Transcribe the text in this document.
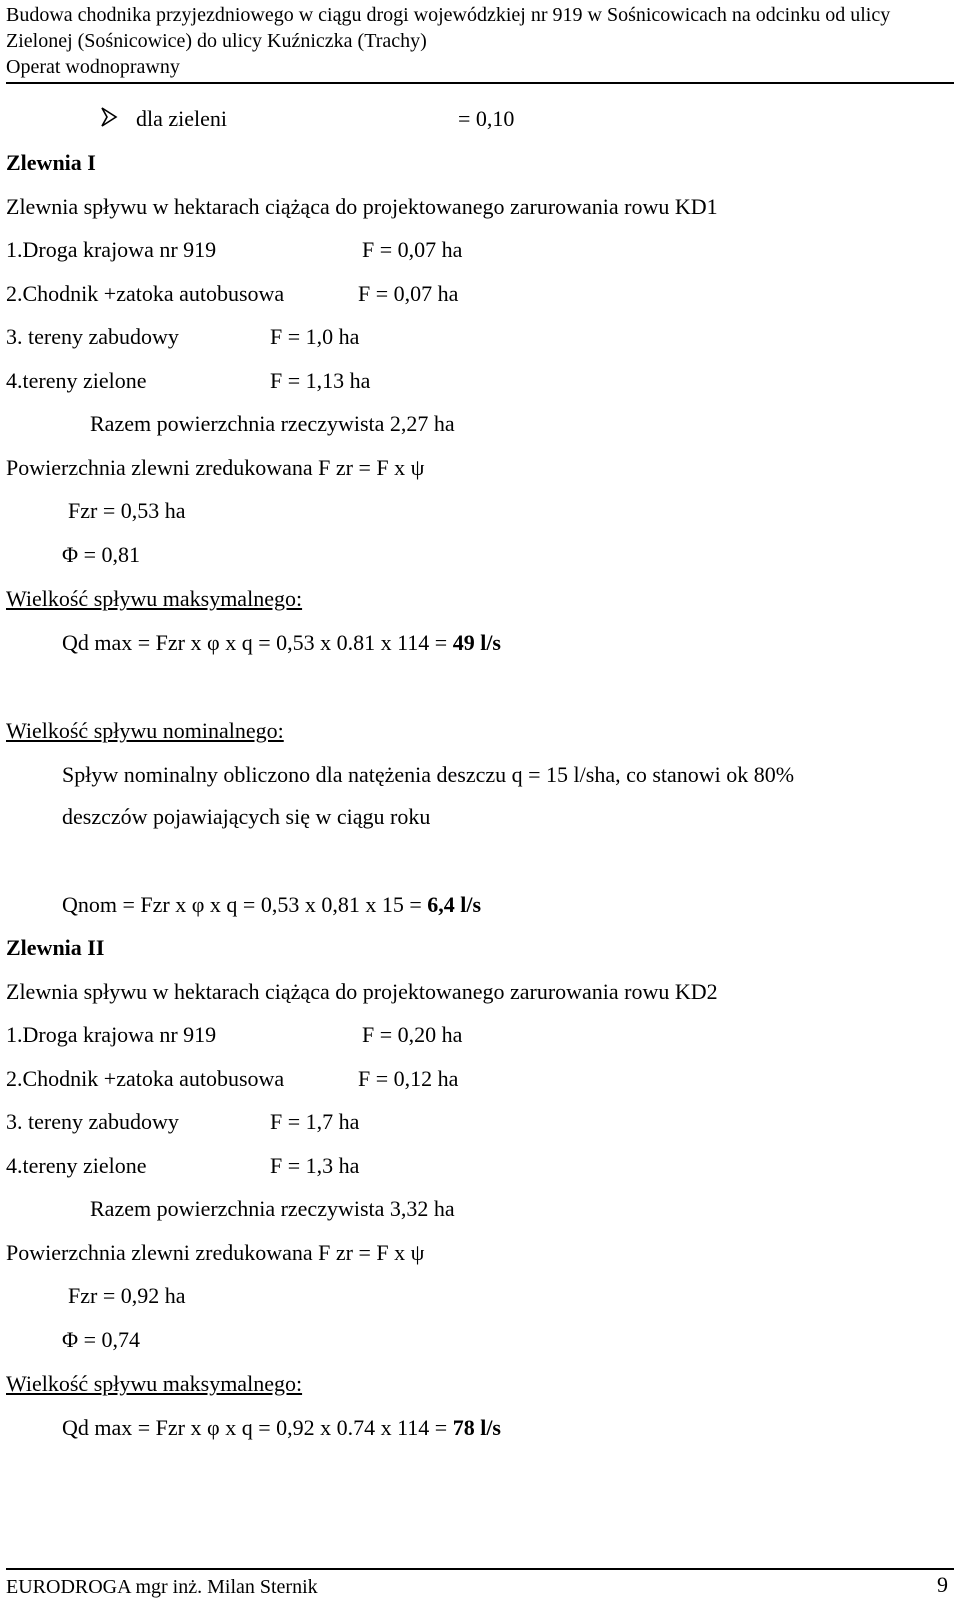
Budowa chodnika przyjezdniowego w ciągu drogi wojewódzkiej nr 919 w Sośnicowicach na odcinku od ulicy
Zielonej (Sośnicowice) do ulicy Kuźniczka (Trachy)
Operat wodnoprawny
dla zieleni	= 0,10
Zlewnia I
Zlewnia spływu w hektarach ciążąca do projektowanego zarurowania rowu KD1
1.Droga krajowa nr 919	F = 0,07 ha
2.Chodnik +zatoka autobusowa	F = 0,07 ha
3. tereny zabudowy	F = 1,0 ha
4.tereny zielone	F = 1,13 ha
Razem powierzchnia rzeczywista 2,27 ha
Powierzchnia zlewni zredukowana F zr = F x ψ
Fzr = 0,53 ha
Φ = 0,81
Wielkość spływu maksymalnego:
Qd max = Fzr x φ x q = 0,53 x 0.81 x 114 = 49 l/s
Wielkość spływu nominalnego:
Spływ nominalny obliczono dla natężenia deszczu q = 15 l/sha, co stanowi ok 80%
deszczów pojawiających się w ciągu roku
Qnom = Fzr x φ x q = 0,53 x 0,81 x 15 = 6,4 l/s
Zlewnia II
Zlewnia spływu w hektarach ciążąca do projektowanego zarurowania rowu KD2
1.Droga krajowa nr 919	F = 0,20 ha
2.Chodnik +zatoka autobusowa	F = 0,12 ha
3. tereny zabudowy	F = 1,7 ha
4.tereny zielone	F = 1,3 ha
Razem powierzchnia rzeczywista 3,32 ha
Powierzchnia zlewni zredukowana F zr = F x ψ
Fzr = 0,92 ha
Φ = 0,74
Wielkość spływu maksymalnego:
Qd max = Fzr x φ x q = 0,92 x 0.74 x 114 = 78 l/s
EURODROGA mgr inż. Milan Sternik	9
